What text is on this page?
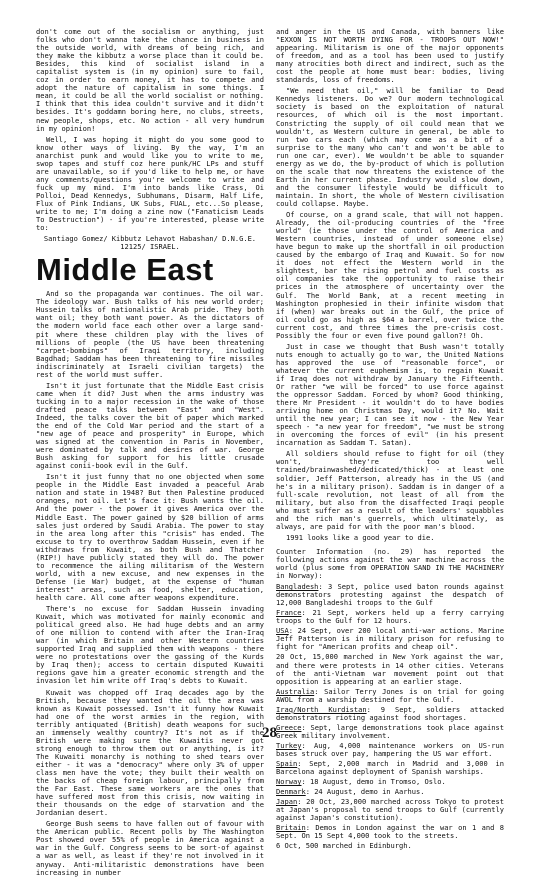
don't come out of the socialism or anything, just folks who don't wanna take the chance in business in the outside world, with dreams of being rich, and they make the kibbutz a worse place than it could be. Besides, this kind of socialist island in a capitalist system is (in my opinion) sure to fail, coz in order to earn money, it has to compete and adopt the nature of capitalism in some things. I mean, it could be all the world socialist or nothing. I think that this idea couldn't survive and it didn't besides. It's goddamn boring here, no clubs, streets, new people, shops, etc. No action - all very humdrum in my opinion!

Well, I was hoping it might do you some good to know other ways of living. By the way, I'm an anarchist punk and would like you to write to me, swop tapes and stuff coz here punk/HC LPs and stuff are unavailable, so if you'd like to help me, or have any comments/questions you're welcome to write and fuck up my mind. I'm into bands like Crass, Oi Polloi, Dead Kennedys, Subhumans, Disarm, Half Life, Flux of Pink Indians, UK Subs, FUAL, etc...So please, write to me; I'm doing a zine now ("Fanaticism Leads To Destruction") - if you're interested, please write to:

Santiago Gomez/ Kibbutz Lehavot Habashan/ D.N.G.E. 12125/ ISRAEL.

Middle East

And so the propaganda war continues. The oil war. The ideology war. Bush talks of his new world order; Hussein talks of nationalistic Arab pride. They both want oil; they both want power. As the dictators of the modern world face each other over a large sand-pit where these children play with the lives of millions of people (the US have been threatening "carpet-bombings" of Iraqi territory, including Bagdhad; Saddam has been threatening to fire missiles indiscriminately at Israeli civilian targets) the rest of the world must suffer.

Isn't it just fortunate that the Middle East crisis came when it did? Just when the arms industry was tucking in to a major recession in the wake of those drafted peace talks between "East" and "West". Indeed, the talks cover the bit of paper which marked the end of the Cold War period and the start of a "new age of peace and prosperity" in Europe, which was signed at the convention in Paris in November, were dominated by talk and desires of war. George Bush asking for support for his little crusade against conii-book evil in the Gulf.

Isn't it just funny that no one objected when some people in the Middle East invaded a peaceful Arab nation and state in 1948? But then Palestine produced oranges, not oil. Let's face it: Bush wants the oil. And the power - the power it gives America over the Middle East. The power gained by $20 billion of arms sales just ordered by Saudi Arabia. The power to stay in the area long after this "crisis" has ended. The excuse to try to overthrow Saddam Hussein, even if he withdraws from Kuwait, as both Bush and Thatcher (RIP!) have publicly stated they will do. The power to recommence the ailing militarism of the Western world, with a new excuse, and new expenses in the Defense (ie War) budget, at the expense of "human interest" areas, such as food, shelter, education, health care. All come after weapons expenditure.

There's no excuse for Saddam Hussein invading Kuwait, which was motivated for mainly economic and political greed also. He had huge debts and an army of one million to contend with after the Iran-Iraq war (in which Britain and other Western countries supported Iraq and supplied them with weapons - there were no protestations over the gassing of the Kurds by Iraq then); access to certain disputed Kuwaiti regions gave him a greater economic strength and the invasion let him write off Iraq's debts to Kuwait.

Kuwait was chopped off Iraq decades ago by the British, because they wanted the oil the area was known as Kuwait possessed. Isn't it funny how Kuwait had one of the worst armies in the region, with terribly antiquated (British) death weapons for such an immensely wealthy country? It's not as if the British were making sure the Kuwaitis never got strong enough to throw them out or anything, is it? The Kuwaiti monarchy is nothing to shed tears over either - it was a "democracy" where only 3% of upper class men have the vote; they built their wealth on the backs of cheap foreign labour, principally from the Far East. These same workers are the ones that have suffered most from this crisis, now waiting in their thousands on the edge of starvation and the Jordanian desert.

George Bush seems to have fallen out of favour with the American public. Recent polls by The Washington Post showed over 55% of people in America against a war in the Gulf. Congress seems to be sort-of against a war as well, as least if they're not involved in it anyway. Anti-militaristic demonstrations have been increasing in number

and anger in the US and Canada, with banners like "EXXON IS NOT WORTH DYING FOR - TROOPS OUT NOW!" appearing. Militarism is one of the major opponents of freedom, and as a tool has been used to justify many atrocities both direct and indirect, such as the cost the people at home must bear: bodies, living standards, loss of freedoms.

"We need that oil," will be familiar to Dead Kennedys listeners. Do we? Our modern technological society is based on the exploitation of natural resources, of which oil is the most important. Constricting the supply of oil could mean that we wouldn't, as Western culture in general, be able to run two cars each (which may come as a bit of a surprise to the many who can't and won't be able to run one car, ever). We wouldn't be able to squander energy as we do, the by-product of which is pollution on the scale that now threatens the existence of the Earth in her current phase. Industry would slow down, and the consumer lifestyle would be difficult to maintain. In short, the whole of Western civilisation could collapse. Maybe.

Of course, on a grand scale, that will not happen. Already, the oil-producing countries of the "free world" (ie those under the control of America and Western countries, instead of under someone else) have begun to make up the shortfall in oil production caused by the embargo of Iraq and Kuwait. So for now it does not effect the Western world in the slightest, bar the rising petrol and fuel costs as oil companies take the opportunity to raise their prices in the atmosphere of uncertainty over the Gulf. The World Bank, at a recent meeting in Washington prophesied in their infinite wisdom that if (when) war breaks out in the Gulf, the price of oil could go as high as $64 a barrel, over twice the current cost, and three times the pre-crisis cost. Possibly the four or even five pound gallon?! Oh.

Just in case we thought that Bush wasn't totally nuts enough to actually go to war, the United Nations has approved the use of "reasonable force", or whatever the current euphemism is, to regain Kuwait if Iraq does not withdraw by January the Fifteenth. Or rather "we will be forced" to use force against the oppressor Saddam. Forced by whom? Good thinking, there Mr President - it wouldn't do to have bodies arriving home on Christmas Day, would it? No. Wait until the new year; I can see it now - the New Year speech - "a new year for freedom", "we must be strong in overcoming the forces of evil" (in his present incarnation as Saddam T. Satan).

All soldiers should refuse to fight for oil (they won't, they're too well trained/brainwashed/dedicated/thick) - at least one soldier, Jeff Patterson, already has in the US (and he's in a military prison). Saddam is in danger of a full-scale revolution, not least of all from the military, but also from the disaffected Iraqi people who must suffer as a result of the leaders' squabbles and the rich man's guerrels, which ultimately, as always, are paid for with the poor man's blood.

1991 looks like a good year to die.

Counter Information (no. 29) has reported the following actions against the war machine across the world (plus some from OPERATION SAND IN THE MACHINERY in Norway):

Bangladesh: 3 Sept, police used baton rounds against demonstrators protesting against the despatch of 12,000 Bangladeshi troops to the Gulf

France: 21 Sept, workers held up a ferry carrying troops to the Gulf for 12 hours.

USA: 24 Sept, over 200 local anti-war actions. Marine Jeff Patterson is in military prison for refusing to fight for "American profits and cheap oil".

20 Oct, 15,000 marched in New York against the war, and there were protests in 14 other cities. Veterans of the anti-Vietnam war movement point out that opposition is appearing at an earlier stage.

Australia: Sailor Terry Jones is on trial for going AWOL from a warship destined for the Gulf.

Iraq/North Kurdistan: 9 Sept, soldiers attacked demonstrators rioting against food shortages.

Greece: Sept, large demonstrations took place against Greek military involvement.

Turkey: Aug, 4,000 maintenance workers on US-run bases struck over pay, hampering the US war effort.

Spain: Sept, 2,000 march in Madrid and 3,000 in Barcelona against deployment of Spanish warships.

Norway: 18 August, demo in Tromso, Oslo.

Denmark: 24 August, demo in Aarhus.

Japan: 20 Oct, 23,000 marched across Tokyo to protest at Japan's proposal to send troops to Gulf (currently against Japan's constitution).

Britain: Demos in London against the war on 1 and 8 Sept. On 15 Sept 4,000 took to the streets.

6 Oct, 500 marched in Edinburgh.

28
